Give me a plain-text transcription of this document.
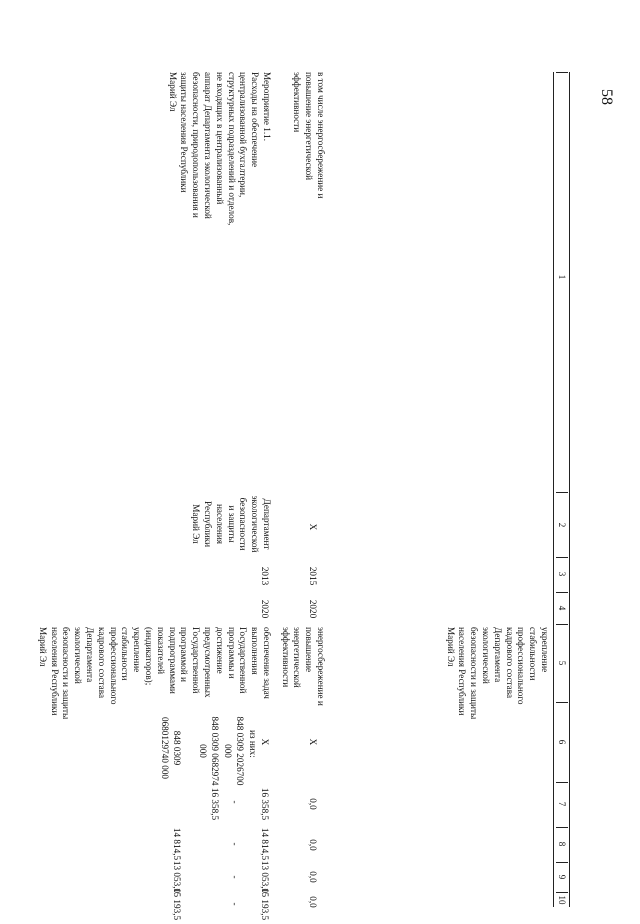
58
1
2
3
4
5
6
7
8
9
10
укрепление
стабильности
профессионального
кадрового состава
Департамента
экологической
безопасности и защиты
населения Республики
Марий Эл
в том числе энергосбережение и
повышение энергетической
эффективности
X
2015
2020
энергосбережение и
повышение
энергетической
эффективности
X
0,0
0,0
0,0
0,0
Мероприятие 1.1.
Расходы на обеспечение
централизованной бухгалтерии,
структурных подразделений и отделов,
не входящих в централизованный
аппарат Департамента экологической
безопасности, природопользования и
защиты населения Республики
Марий Эл
Департамент
экологической
безопасности
и защиты
населения
Республики
Марий Эл
2013
2020
обеспечение задач
выполнения
Государственной
программы и
достижение
предусмотренных
Государственной
программой и
подпрограммами
показателей
(индикаторов);
укрепление
стабильности
профессионального
кадрового состава
Департамента
экологической
безопасности и защиты
населения Республики
Марий Эл
X
из них:
848 0309 2026700
000
848 0309 0682974
000
848 0309
0680129740 000
16 358,5
-
16 358,5
14 814,5
-
14 814,5
13 053,0
-
13 053,0
15 193,5
-
15 193,5
